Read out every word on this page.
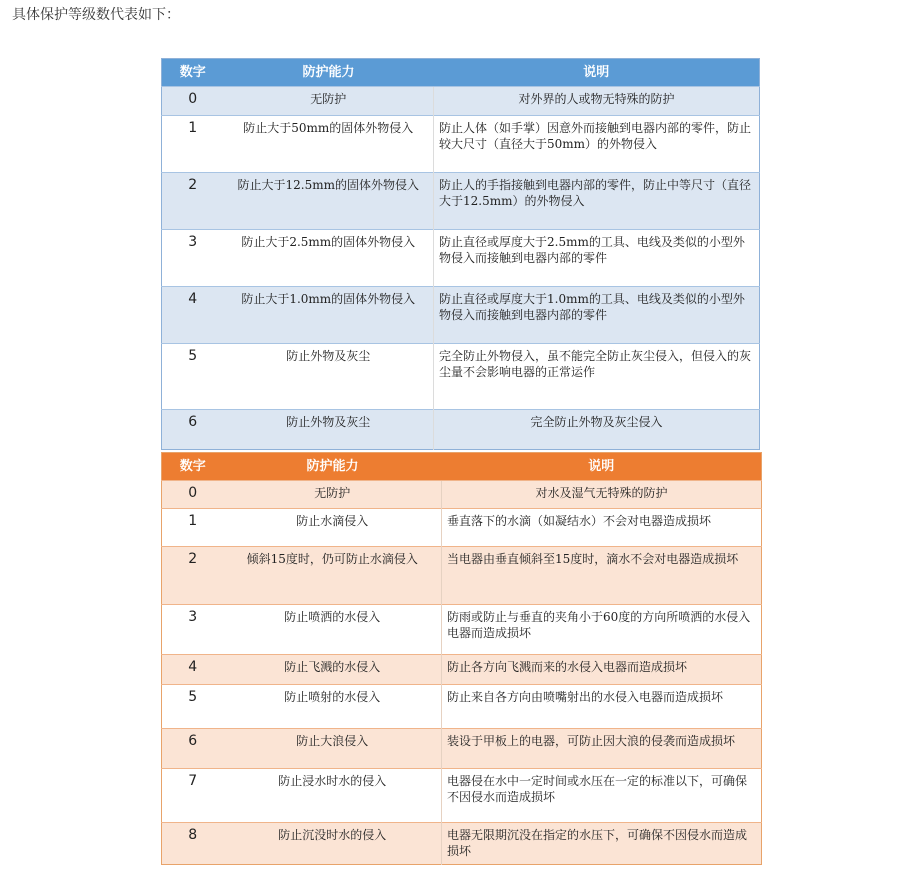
具体保护等级数代表如下：
数字	防护能力	说明
0	无防护	对外界的人或物无特殊的防护
1	防止大于50mm的固体外物侵入	防止人体（如手掌）因意外而接触到电器内部的零件，防止较大尺寸（直径大于50mm）的外物侵入
2	防止大于12.5mm的固体外物侵入	防止人的手指接触到电器内部的零件，防止中等尺寸（直径大于12.5mm）的外物侵入
3	防止大于2.5mm的固体外物侵入	防止直径或厚度大于2.5mm的工具、电线及类似的小型外物侵入而接触到电器内部的零件
4	防止大于1.0mm的固体外物侵入	防止直径或厚度大于1.0mm的工具、电线及类似的小型外物侵入而接触到电器内部的零件
5	防止外物及灰尘	完全防止外物侵入，虽不能完全防止灰尘侵入，但侵入的灰尘量不会影响电器的正常运作
6	防止外物及灰尘	完全防止外物及灰尘侵入
数字	防护能力	说明
0	无防护	对水及湿气无特殊的防护
1	防止水滴侵入	垂直落下的水滴（如凝结水）不会对电器造成损坏
2	倾斜15度时，仍可防止水滴侵入	当电器由垂直倾斜至15度时，滴水不会对电器造成损坏
3	防止喷洒的水侵入	防雨或防止与垂直的夹角小于60度的方向所喷洒的水侵入电器而造成损坏
4	防止飞溅的水侵入	防止各方向飞溅而来的水侵入电器而造成损坏
5	防止喷射的水侵入	防止来自各方向由喷嘴射出的水侵入电器而造成损坏
6	防止大浪侵入	装设于甲板上的电器，可防止因大浪的侵袭而造成损坏
7	防止浸水时水的侵入	电器侵在水中一定时间或水压在一定的标准以下，可确保不因侵水而造成损坏
8	防止沉没时水的侵入	电器无限期沉没在指定的水压下，可确保不因侵水而造成损坏
